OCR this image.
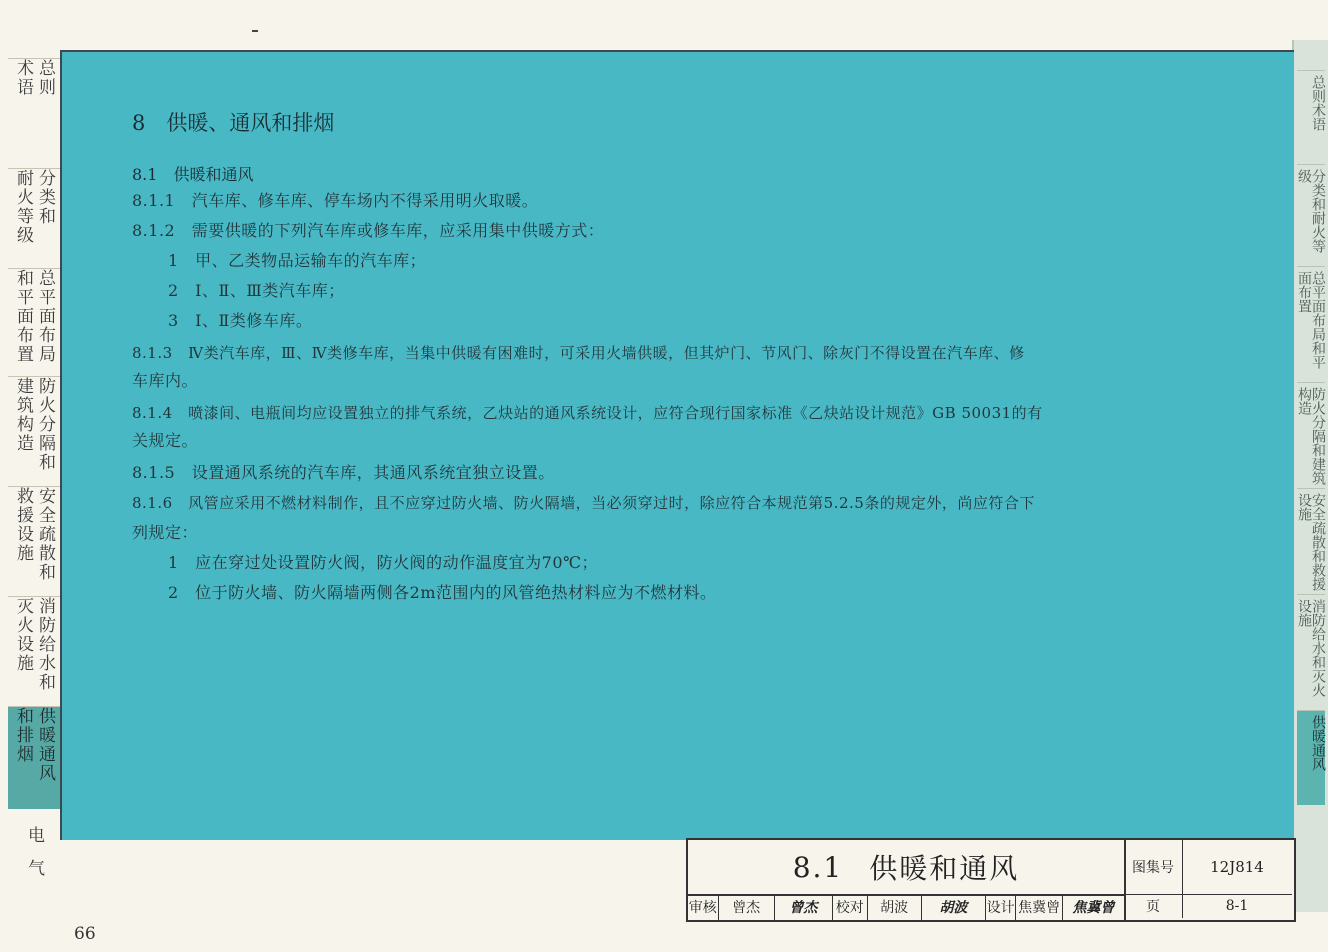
总则
术语
分类和
耐火等级
总平面布局
和平面布置
防火分隔和
建筑构造
安全疏散和
救援设施
消防给水和
灭火设施
供暖通风
和排烟
电气
总则术语
分类和耐火等级
总平面布局和平面布置
防火分隔和建筑构造
安全疏散和救援设施
消防给水和灭火设施
供暖通风
8　供暖、通风和排烟
8.1　供暖和通风
8.1.1　汽车库、修车库、停车场内不得采用明火取暖。
8.1.2　需要供暖的下列汽车库或修车库，应采用集中供暖方式：
1　甲、乙类物品运输车的汽车库；
2　Ⅰ、Ⅱ、Ⅲ类汽车库；
3　Ⅰ、Ⅱ类修车库。
8.1.3　Ⅳ类汽车库，Ⅲ、Ⅳ类修车库，当集中供暖有困难时，可采用火墙供暖，但其炉门、节风门、除灰门不得设置在汽车库、修
车库内。
8.1.4　喷漆间、电瓶间均应设置独立的排气系统，乙炔站的通风系统设计，应符合现行国家标准《乙炔站设计规范》GB 50031的有
关规定。
8.1.5　设置通风系统的汽车库，其通风系统宜独立设置。
8.1.6　风管应采用不燃材料制作，且不应穿过防火墙、防火隔墙，当必须穿过时，除应符合本规范第5.2.5条的规定外，尚应符合下
列规定：
1　应在穿过处设置防火阀，防火阀的动作温度宜为70℃；
2　位于防火墙、防火隔墙两侧各2m范围内的风管绝热材料应为不燃材料。
8.1 供暖和通风	图集号	12J814
审核	曾杰	曾杰	校对	胡波	胡波	设计 焦冀曾 焦冀曾	页	8-1
66
